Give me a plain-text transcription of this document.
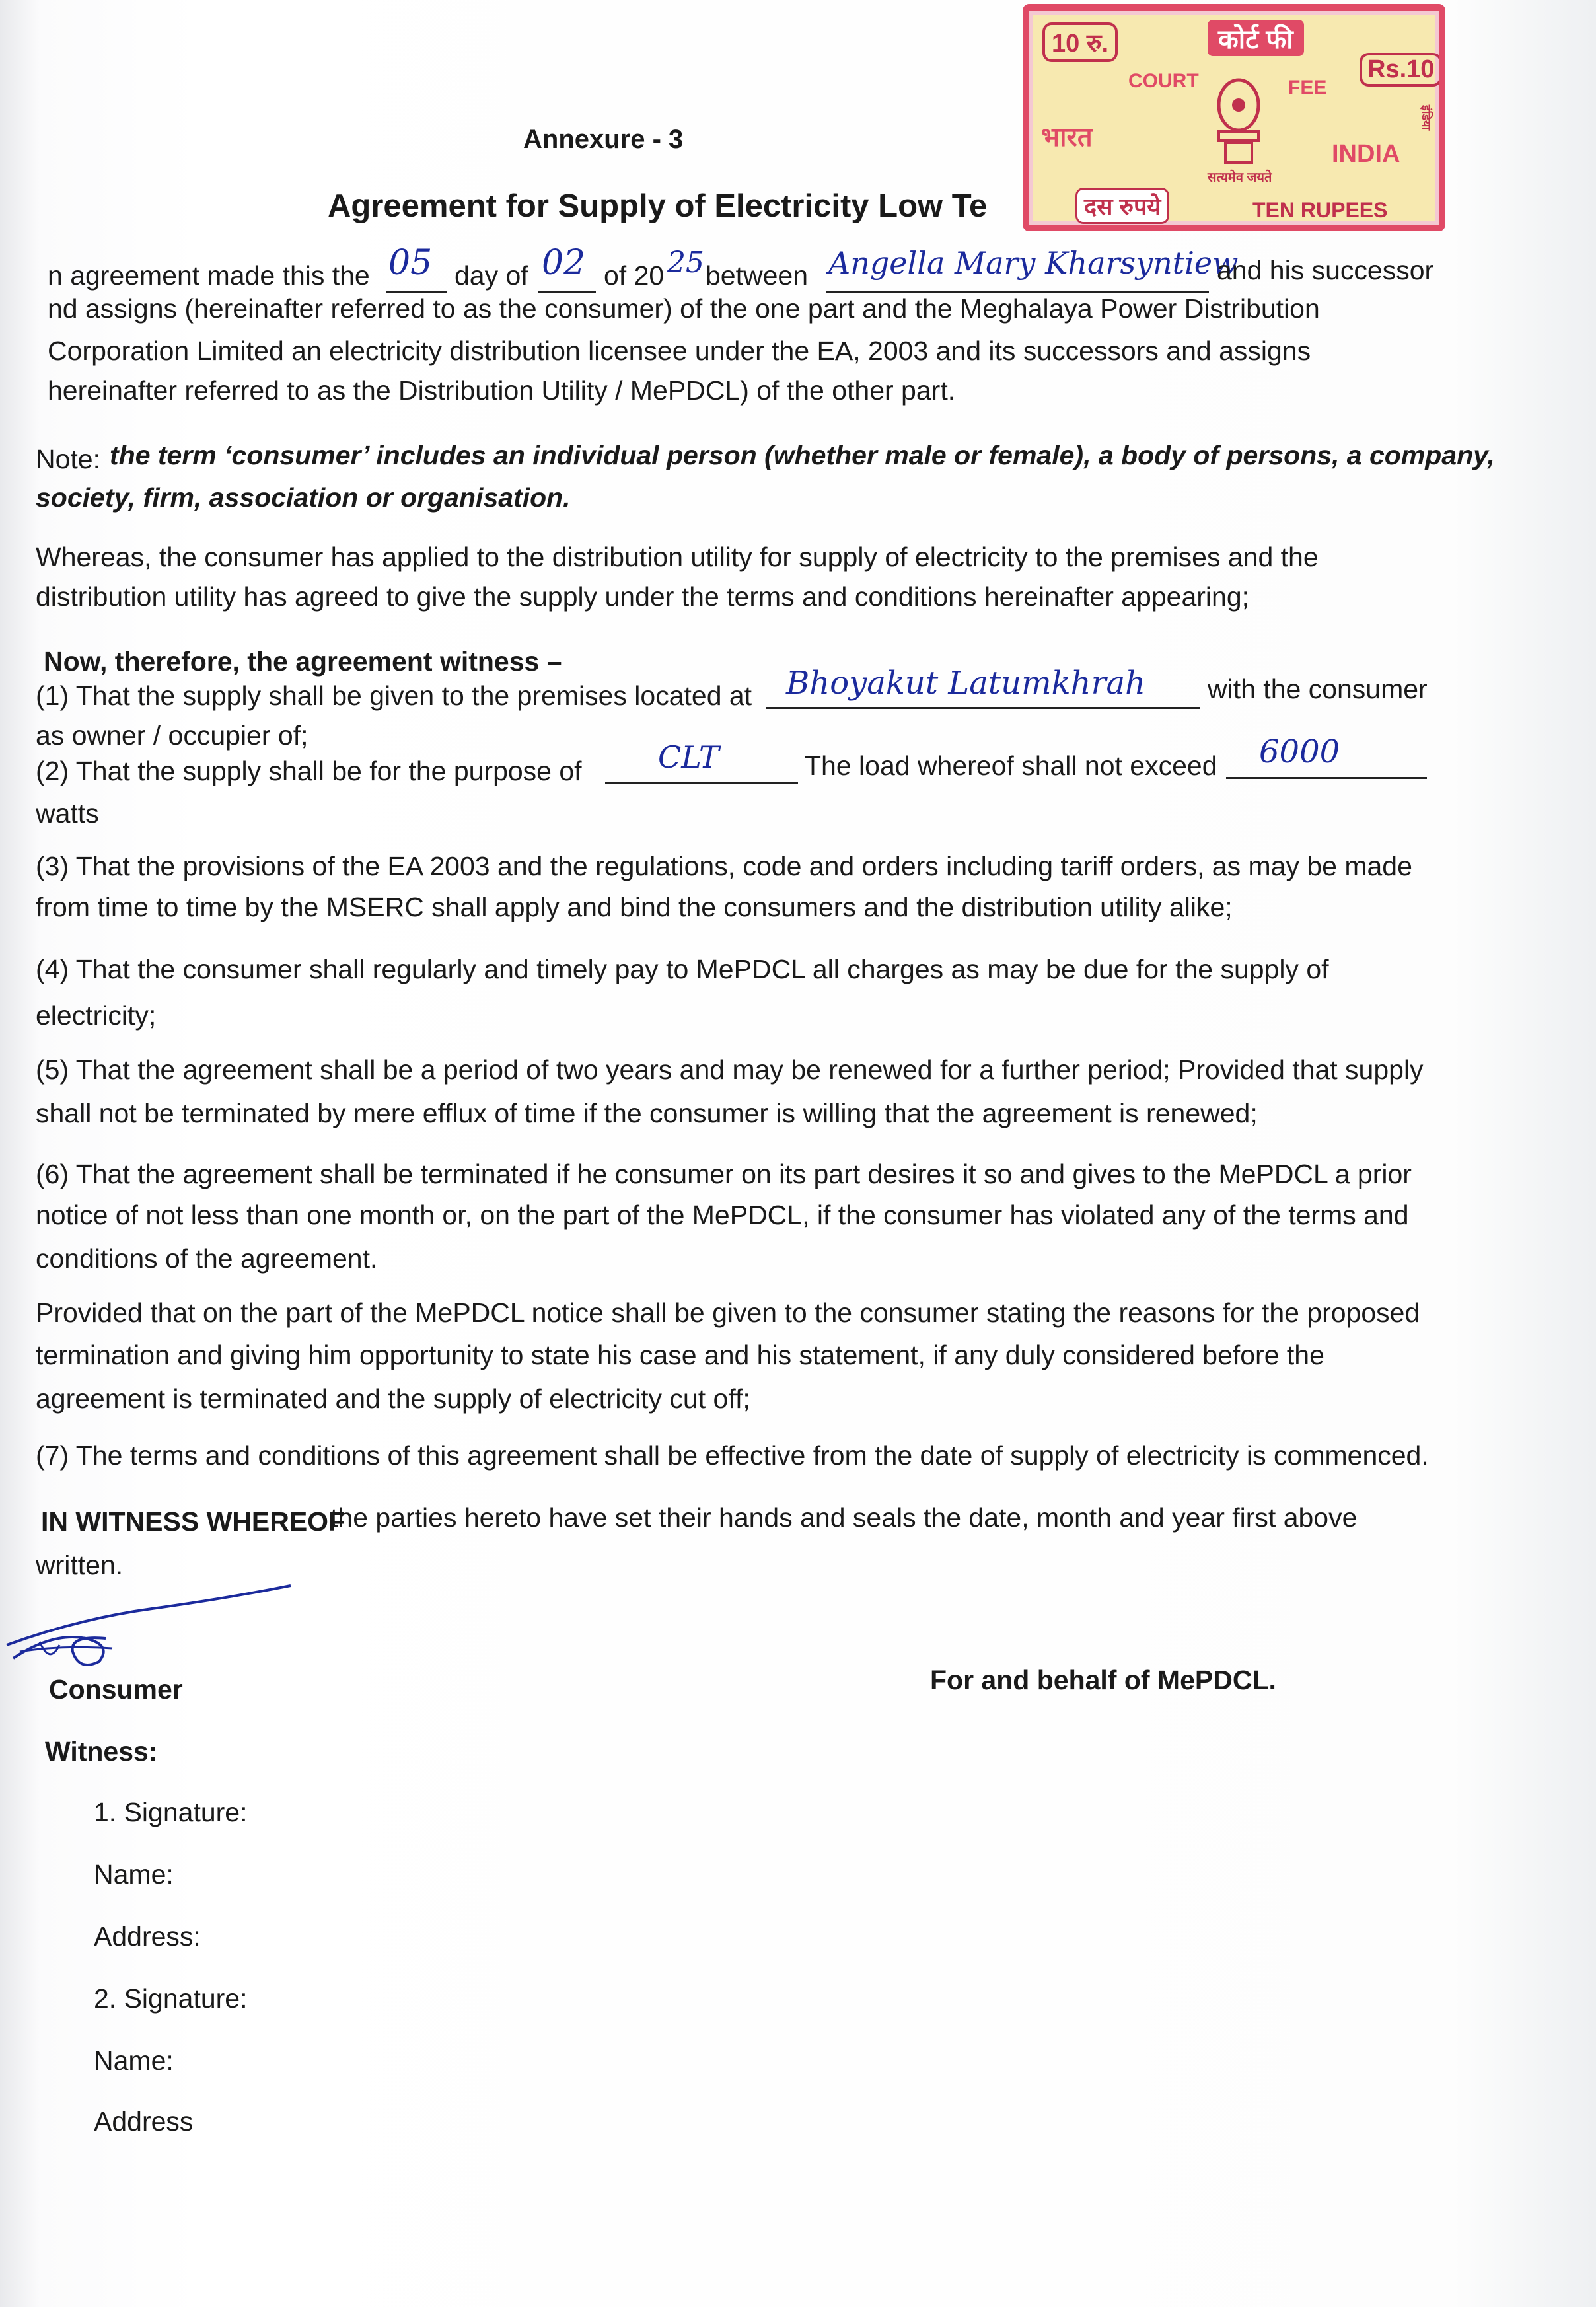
10 रु.	कोर्ट फी
Rs.10
COURT	FEE
सत्यमेव जयते
भारत
INDIA
दस रुपये	TEN RUPEES
इंडिया
Annexure - 3
Agreement for Supply of Electricity Low Te
n agreement made this the 05 day of 02 of 20 25 between Angella Mary Kharsyntiew
and his successor
nd assigns (hereinafter referred to as the consumer) of the one part and the Meghalaya Power Distribution
Corporation Limited an electricity distribution licensee under the EA, 2003 and its successors and assigns
hereinafter referred to as the Distribution Utility / MePDCL) of the other part.
Note: the term ‘consumer’ includes an individual person (whether male or female), a body of persons, a company,
society, firm, association or organisation.
Whereas, the consumer has applied to the distribution utility for supply of electricity to the premises and the
distribution utility has agreed to give the supply under the terms and conditions hereinafter appearing;
Now, therefore, the agreement witness –
(1) That the supply shall be given to the premises located at Bhoyakut Latumkhrah with the consumer
as owner / occupier of;
(2) That the supply shall be for the purpose of	CLT	The load whereof shall not exceed 6000
watts
(3) That the provisions of the EA 2003 and the regulations, code and orders including tariff orders, as may be made
from time to time by the MSERC shall apply and bind the consumers and the distribution utility alike;
(4) That the consumer shall regularly and timely pay to MePDCL all charges as may be due for the supply of
electricity;
(5) That the agreement shall be a period of two years and may be renewed for a further period; Provided that supply
shall not be terminated by mere efflux of time if the consumer is willing that the agreement is renewed;
(6) That the agreement shall be terminated if he consumer on its part desires it so and gives to the MePDCL a prior
notice of not less than one month or, on the part of the MePDCL, if the consumer has violated any of the terms and
conditions of the agreement.
Provided that on the part of the MePDCL notice shall be given to the consumer stating the reasons for the proposed
termination and giving him opportunity to state his case and his statement, if any duly considered before the
agreement is terminated and the supply of electricity cut off;
(7) The terms and conditions of this agreement shall be effective from the date of supply of electricity is commenced.
IN WITNESS WHEREOF
the parties hereto have set their hands and seals the date, month and year first above
written.
Consumer	For and behalf of MePDCL.
Witness:
1. Signature:
Name:
Address:
2. Signature:
Name:
Address
